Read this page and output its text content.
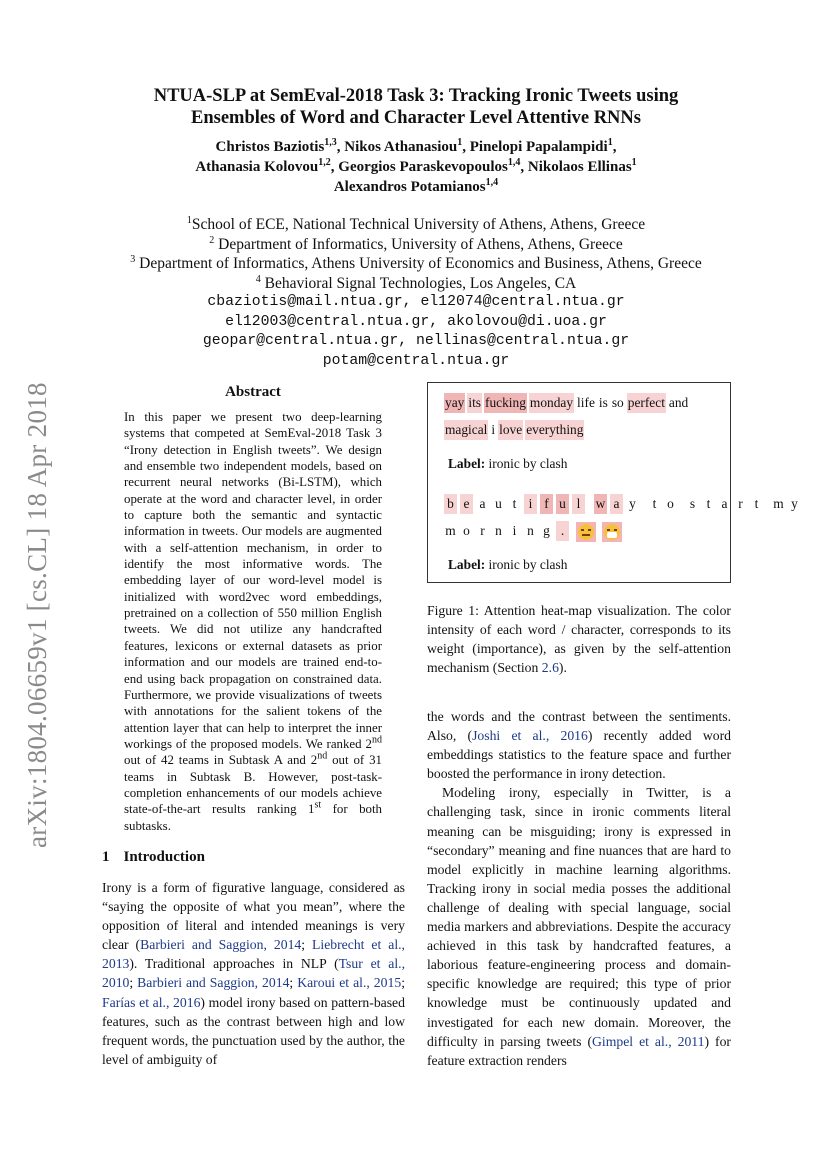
arXiv:1804.06659v1 [cs.CL] 18 Apr 2018
NTUA-SLP at SemEval-2018 Task 3: Tracking Ironic Tweets using
Ensembles of Word and Character Level Attentive RNNs
Christos Baziotis$^{1,3}$, Nikos Athanasiou$^1$, Pinelopi Papalampidi$^1$,
Athanasia Kolovou$^{1,2}$, Georgios Paraskevopoulos$^{1,4}$, Nikolaos Ellinas$^1$
Alexandros Potamianos$^{1,4}$
$^1$School of ECE, National Technical University of Athens, Athens, Greece
$^2$ Department of Informatics, University of Athens, Athens, Greece
$^3$ Department of Informatics, Athens University of Economics and Business, Athens, Greece
$^4$ Behavioral Signal Technologies, Los Angeles, CA
cbaziotis@mail.ntua.gr, el12074@central.ntua.gr
el12003@central.ntua.gr, akolovou@di.uoa.gr
geopar@central.ntua.gr, nellinas@central.ntua.gr
potam@central.ntua.gr
Abstract
In this paper we present two deep-learning systems that competed at SemEval-2018 Task 3 “Irony detection in English tweets”. We design and ensemble two independent models, based on recurrent neural networks (Bi-LSTM), which operate at the word and character level, in order to capture both the semantic and syntactic information in tweets. Our models are augmented with a self-attention mechanism, in order to identify the most informative words. The embedding layer of our word-level model is initialized with word2vec word embeddings, pretrained on a collection of 550 million English tweets. We did not utilize any handcrafted features, lexicons or external datasets as prior information and our models are trained end-to-end using back propagation on constrained data. Furthermore, we provide visualizations of tweets with annotations for the salient tokens of the attention layer that can help to interpret the inner workings of the proposed models. We ranked 2nd out of 42 teams in Subtask A and 2nd out of 31 teams in Subtask B. However, post-task-completion enhancements of our models achieve state-of-the-art results ranking 1st for both subtasks.
1 Introduction
Irony is a form of figurative language, considered as “saying the opposite of what you mean”, where the opposition of literal and intended meanings is very clear (Barbieri and Saggion, 2014; Liebrecht et al., 2013). Traditional approaches in NLP (Tsur et al., 2010; Barbieri and Saggion, 2014; Karoui et al., 2015; Farías et al., 2016) model irony based on pattern-based features, such as the contrast between high and low frequent words, the punctuation used by the author, the level of ambiguity of
yay its fucking monday life is so perfect and
magical i love everything
Label: ironic by clash
b e a u t i f u l w a y t o s t a r t m y
m o r n i n g .
Label: ironic by clash
Figure 1: Attention heat-map visualization. The color intensity of each word / character, corresponds to its weight (importance), as given by the self-attention mechanism (Section 2.6).

the words and the contrast between the sentiments. Also, (Joshi et al., 2016) recently added word embeddings statistics to the feature space and further boosted the performance in irony detection.

Modeling irony, especially in Twitter, is a challenging task, since in ironic comments literal meaning can be misguiding; irony is expressed in “secondary” meaning and fine nuances that are hard to model explicitly in machine learning algorithms. Tracking irony in social media posses the additional challenge of dealing with special language, social media markers and abbreviations. Despite the accuracy achieved in this task by handcrafted features, a laborious feature-engineering process and domain-specific knowledge are required; this type of prior knowledge must be continuously updated and investigated for each new domain. Moreover, the difficulty in parsing tweets (Gimpel et al., 2011) for feature extraction renders
